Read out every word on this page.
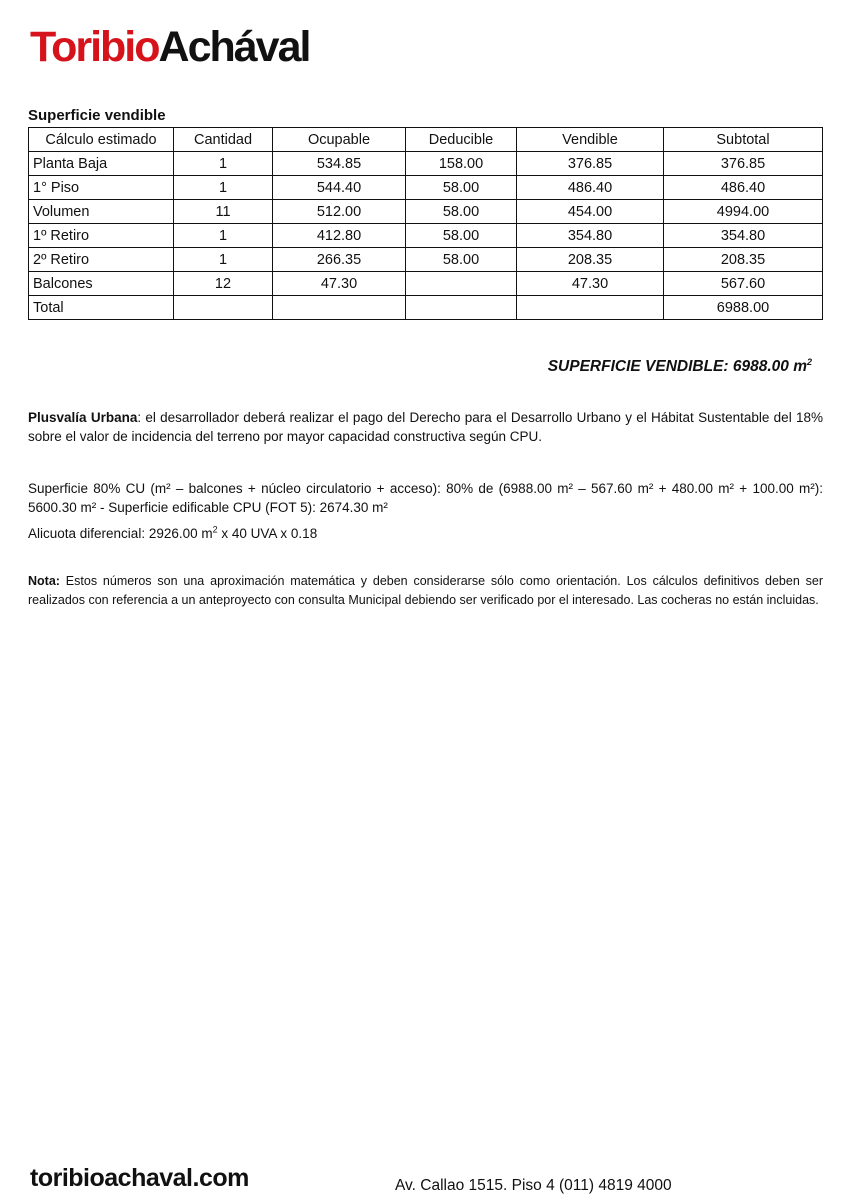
ToribioAchával
Superficie vendible
Cálculo estimado	Cantidad	Ocupable	Deducible	Vendible	Subtotal
Planta Baja	1	534.85	158.00	376.85	376.85
1° Piso	1	544.40	58.00	486.40	486.40
Volumen	11	512.00	58.00	454.00	4994.00
1º Retiro	1	412.80	58.00	354.80	354.80
2º Retiro	1	266.35	58.00	208.35	208.35
Balcones	12	47.30		47.30	567.60
Total					6988.00
SUPERFICIE VENDIBLE: 6988.00 $m^2$
Plusvalía Urbana: el desarrollador deberá realizar el pago del Derecho para el Desarrollo Urbano y el Hábitat Sustentable del 18% sobre el valor de incidencia del terreno por mayor capacidad constructiva según CPU.
Superficie 80% CU (m² – balcones + núcleo circulatorio + acceso): 80% de (6988.00 m² – 567.60 m² + 480.00 m² + 100.00 m²): 5600.30 m² - Superficie edificable CPU (FOT 5): 2674.30 m²
Alicuota diferencial: 2926.00 $m^2$ x 40 UVA x 0.18
Nota: Estos números son una aproximación matemática y deben considerarse sólo como orientación. Los cálculos definitivos deben ser realizados con referencia a un anteproyecto con consulta Municipal debiendo ser verificado por el interesado. Las cocheras no están incluidas.
toribioachaval.com	Av. Callao 1515. Piso 4 (011) 4819 4000
